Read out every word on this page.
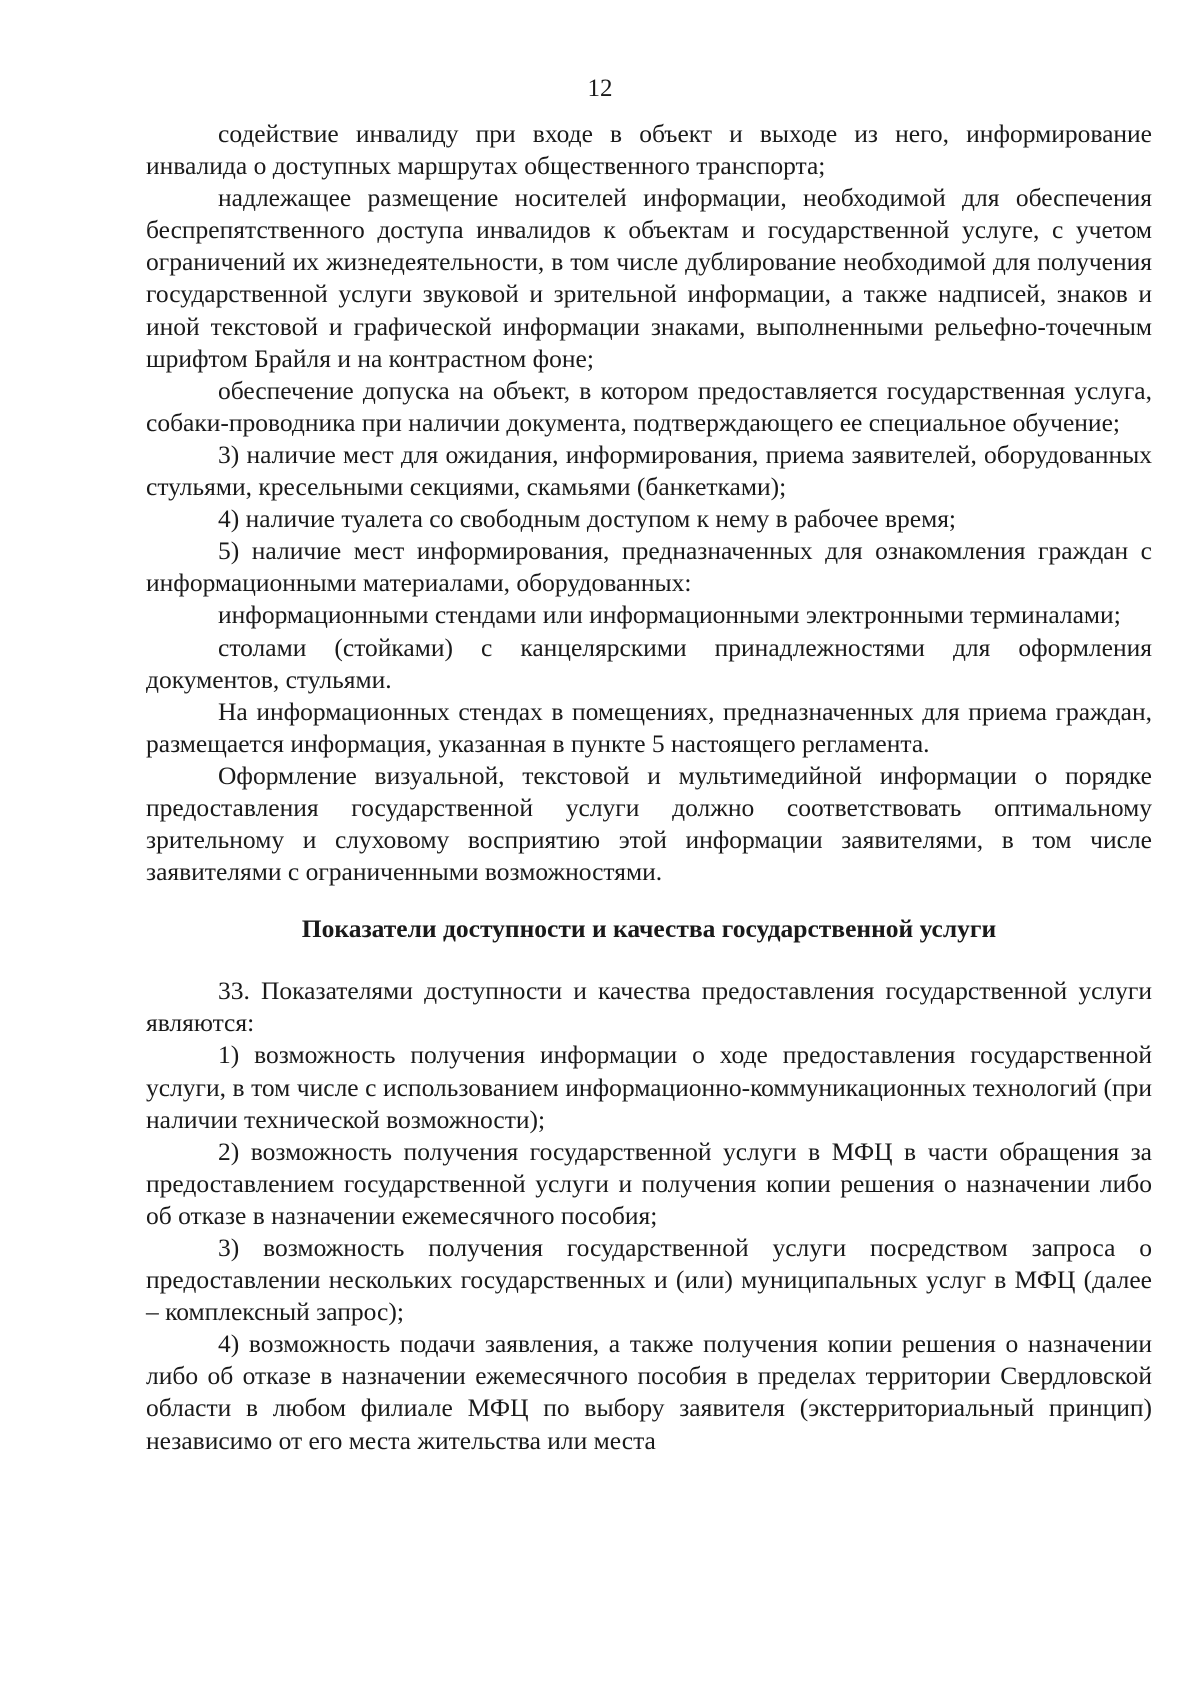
12

содействие инвалиду при входе в объект и выходе из него, информирование инвалида о доступных маршрутах общественного транспорта;

надлежащее размещение носителей информации, необходимой для обеспечения беспрепятственного доступа инвалидов к объектам и государственной услуге, с учетом ограничений их жизнедеятельности, в том числе дублирование необходимой для получения государственной услуги звуковой и зрительной информации, а также надписей, знаков и иной текстовой и графической информации знаками, выполненными рельефно-точечным шрифтом Брайля и на контрастном фоне;

обеспечение допуска на объект, в котором предоставляется государственная услуга, собаки-проводника при наличии документа, подтверждающего ее специальное обучение;

3) наличие мест для ожидания, информирования, приема заявителей, оборудованных стульями, кресельными секциями, скамьями (банкетками);

4) наличие туалета со свободным доступом к нему в рабочее время;

5) наличие мест информирования, предназначенных для ознакомления граждан с информационными материалами, оборудованных:

информационными стендами или информационными электронными терминалами;

столами (стойками) с канцелярскими принадлежностями для оформления документов, стульями.

На информационных стендах в помещениях, предназначенных для приема граждан, размещается информация, указанная в пункте 5 настоящего регламента.

Оформление визуальной, текстовой и мультимедийной информации о порядке предоставления государственной услуги должно соответствовать оптимальному зрительному и слуховому восприятию этой информации заявителями, в том числе заявителями с ограниченными возможностями.

Показатели доступности и качества государственной услуги

33. Показателями доступности и качества предоставления государственной услуги являются:

1) возможность получения информации о ходе предоставления государственной услуги, в том числе с использованием информационно-коммуникационных технологий (при наличии технической возможности);

2) возможность получения государственной услуги в МФЦ в части обращения за предоставлением государственной услуги и получения копии решения о назначении либо об отказе в назначении ежемесячного пособия;

3) возможность получения государственной услуги посредством запроса о предоставлении нескольких государственных и (или) муниципальных услуг в МФЦ (далее – комплексный запрос);

4) возможность подачи заявления, а также получения копии решения о назначении либо об отказе в назначении ежемесячного пособия в пределах территории Свердловской области в любом филиале МФЦ по выбору заявителя (экстерриториальный принцип) независимо от его места жительства или места
